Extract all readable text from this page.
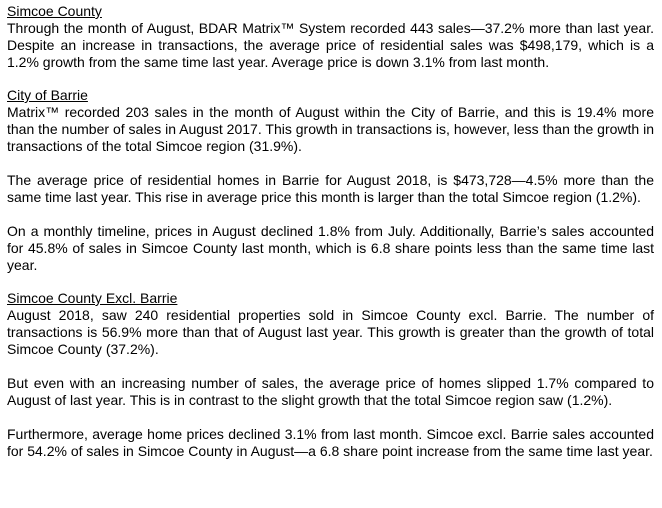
Simcoe County

Through the month of August, BDAR Matrix™ System recorded 443 sales—37.2% more than last year. Despite an increase in transactions, the average price of residential sales was $498,179, which is a 1.2% growth from the same time last year. Average price is down 3.1% from last month.

City of Barrie

Matrix™ recorded 203 sales in the month of August within the City of Barrie, and this is 19.4% more than the number of sales in August 2017. This growth in transactions is, however, less than the growth in transactions of the total Simcoe region (31.9%).

The average price of residential homes in Barrie for August 2018, is $473,728—4.5% more than the same time last year. This rise in average price this month is larger than the total Simcoe region (1.2%).

On a monthly timeline, prices in August declined 1.8% from July. Additionally, Barrie’s sales accounted for 45.8% of sales in Simcoe County last month, which is 6.8 share points less than the same time last year.

Simcoe County Excl. Barrie

August 2018, saw 240 residential properties sold in Simcoe County excl. Barrie. The number of transactions is 56.9% more than that of August last year. This growth is greater than the growth of total Simcoe County (37.2%).

But even with an increasing number of sales, the average price of homes slipped 1.7% compared to August of last year. This is in contrast to the slight growth that the total Simcoe region saw (1.2%).

Furthermore, average home prices declined 3.1% from last month. Simcoe excl. Barrie sales accounted for 54.2% of sales in Simcoe County in August—a 6.8 share point increase from the same time last year.
